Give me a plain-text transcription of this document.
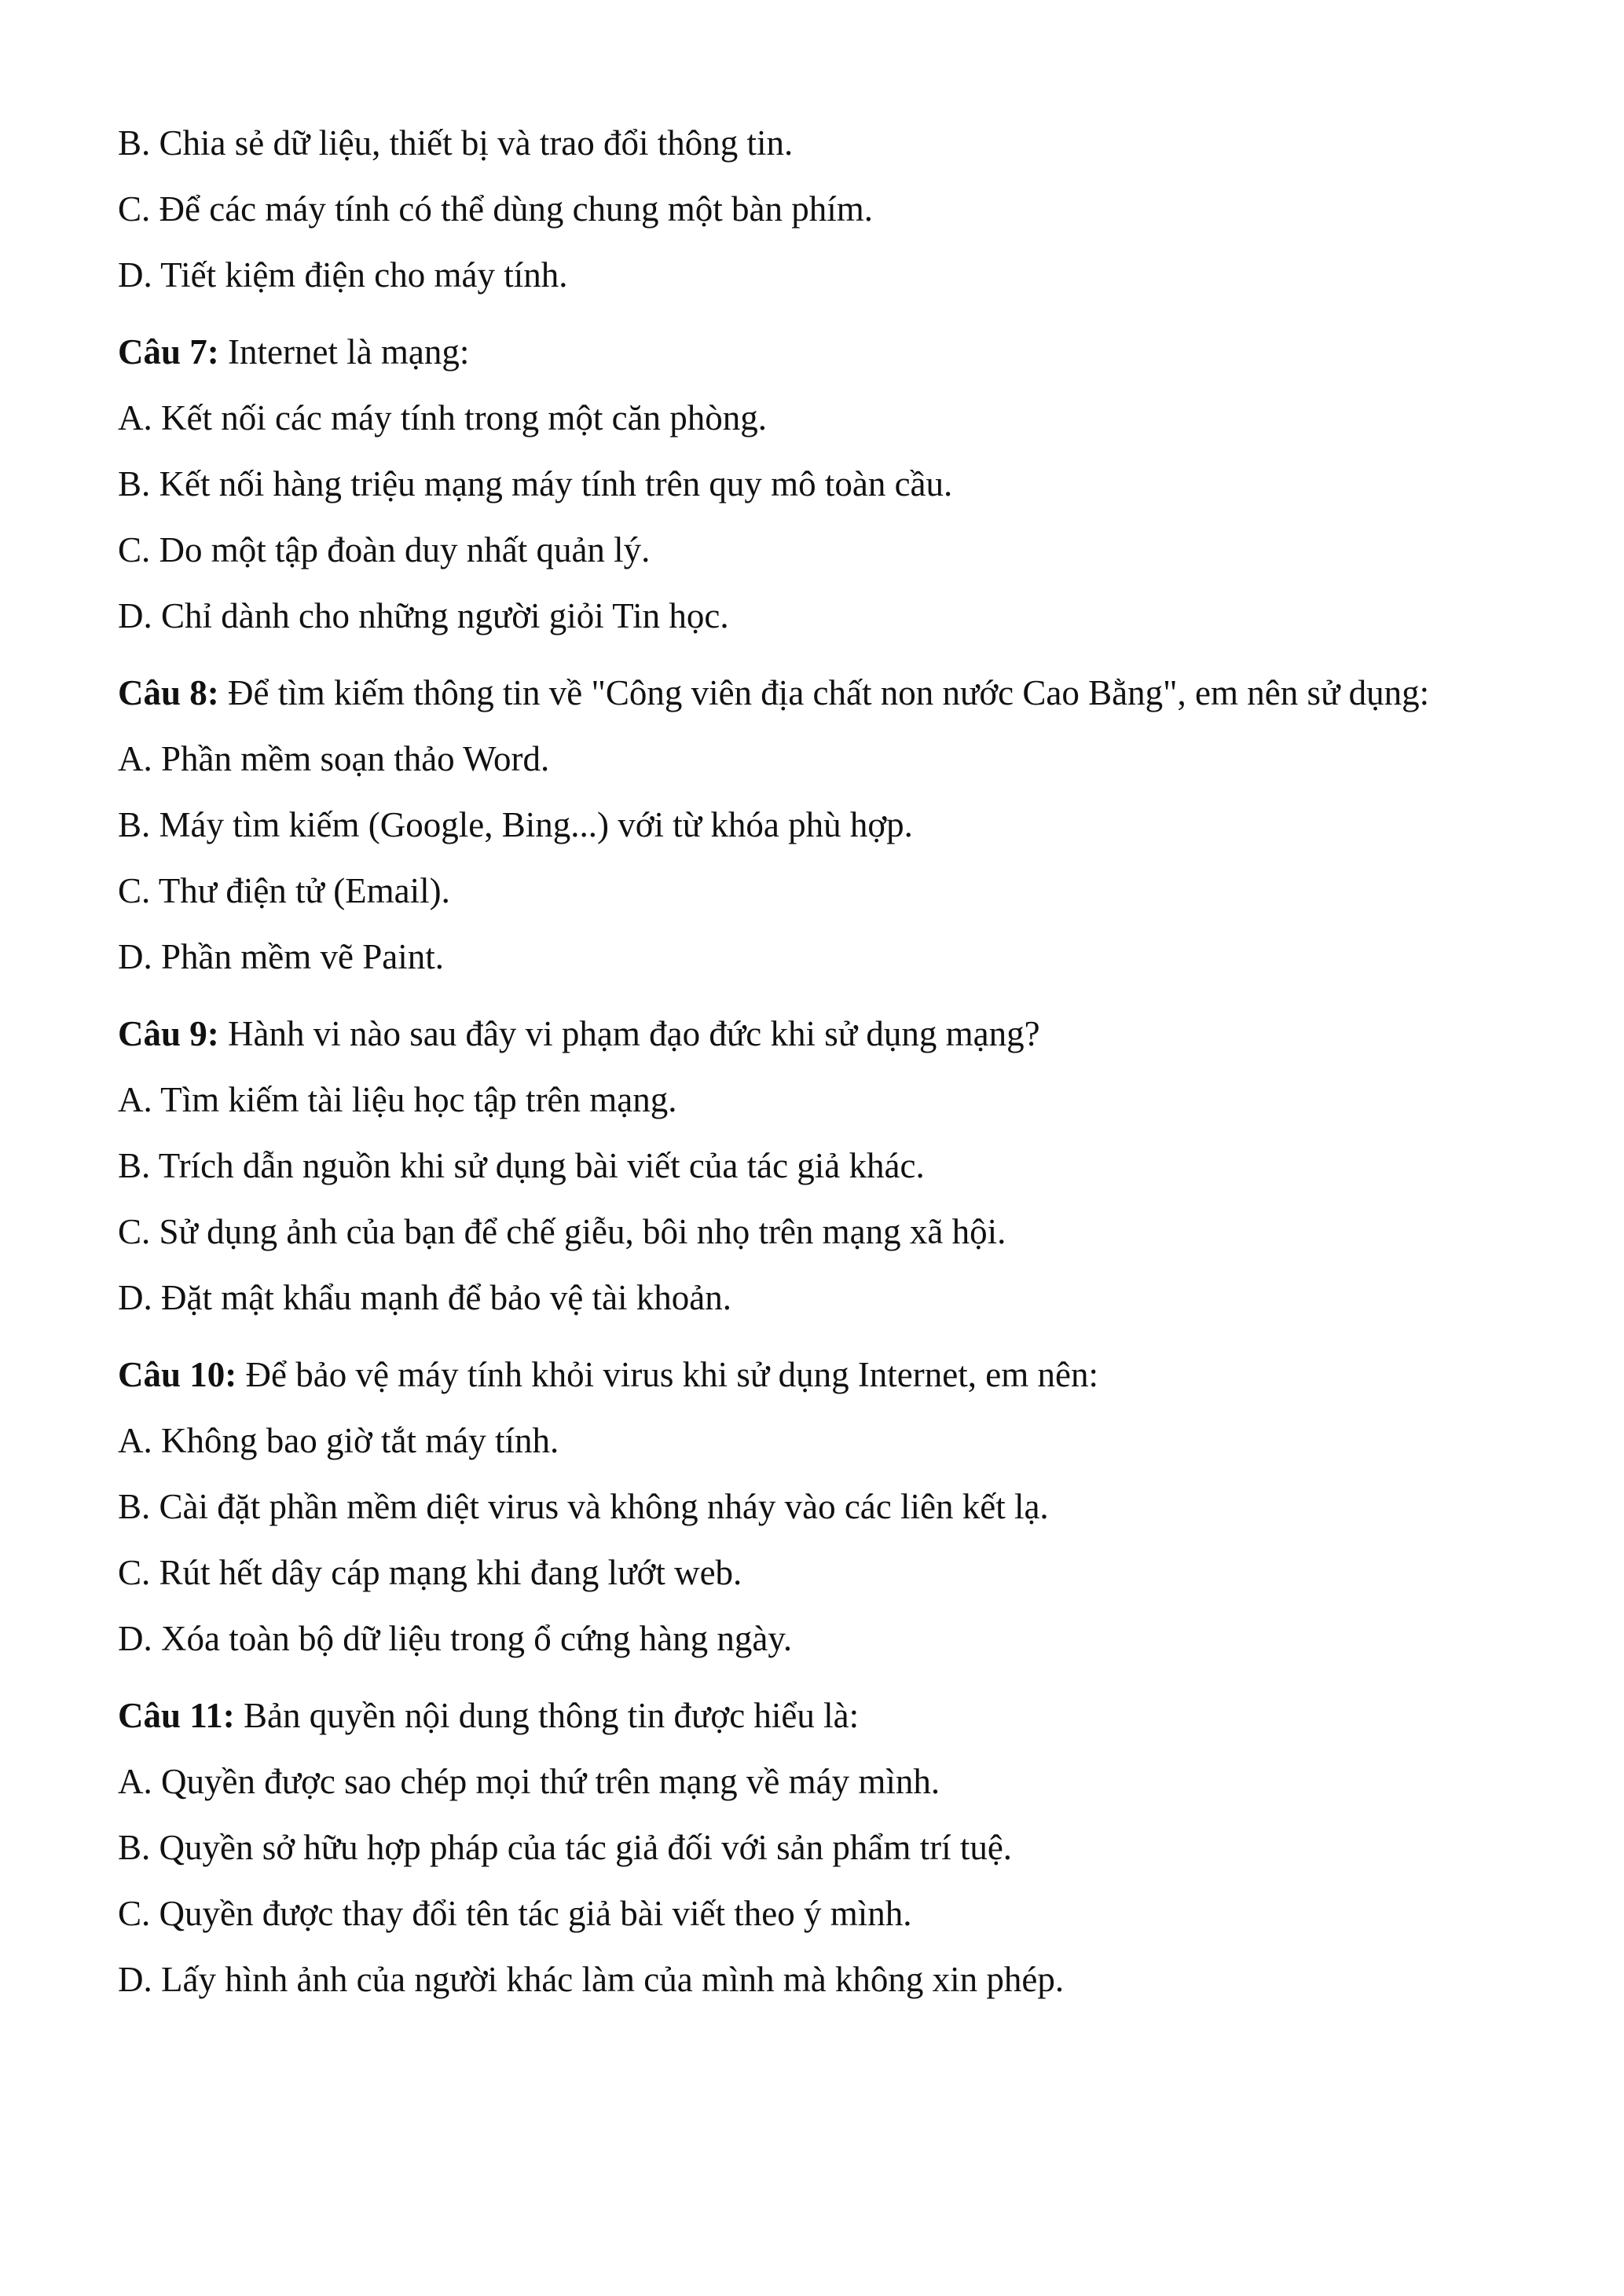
B. Chia sẻ dữ liệu, thiết bị và trao đổi thông tin.
C. Để các máy tính có thể dùng chung một bàn phím.
D. Tiết kiệm điện cho máy tính.
Câu 7: Internet là mạng:
A. Kết nối các máy tính trong một căn phòng.
B. Kết nối hàng triệu mạng máy tính trên quy mô toàn cầu.
C. Do một tập đoàn duy nhất quản lý.
D. Chỉ dành cho những người giỏi Tin học.
Câu 8: Để tìm kiếm thông tin về "Công viên địa chất non nước Cao Bằng", em nên sử dụng:
A. Phần mềm soạn thảo Word.
B. Máy tìm kiếm (Google, Bing...) với từ khóa phù hợp.
C. Thư điện tử (Email).
D. Phần mềm vẽ Paint.
Câu 9: Hành vi nào sau đây vi phạm đạo đức khi sử dụng mạng?
A. Tìm kiếm tài liệu học tập trên mạng.
B. Trích dẫn nguồn khi sử dụng bài viết của tác giả khác.
C. Sử dụng ảnh của bạn để chế giễu, bôi nhọ trên mạng xã hội.
D. Đặt mật khẩu mạnh để bảo vệ tài khoản.
Câu 10: Để bảo vệ máy tính khỏi virus khi sử dụng Internet, em nên:
A. Không bao giờ tắt máy tính.
B. Cài đặt phần mềm diệt virus và không nháy vào các liên kết lạ.
C. Rút hết dây cáp mạng khi đang lướt web.
D. Xóa toàn bộ dữ liệu trong ổ cứng hàng ngày.
Câu 11: Bản quyền nội dung thông tin được hiểu là:
A. Quyền được sao chép mọi thứ trên mạng về máy mình.
B. Quyền sở hữu hợp pháp của tác giả đối với sản phẩm trí tuệ.
C. Quyền được thay đổi tên tác giả bài viết theo ý mình.
D. Lấy hình ảnh của người khác làm của mình mà không xin phép.
